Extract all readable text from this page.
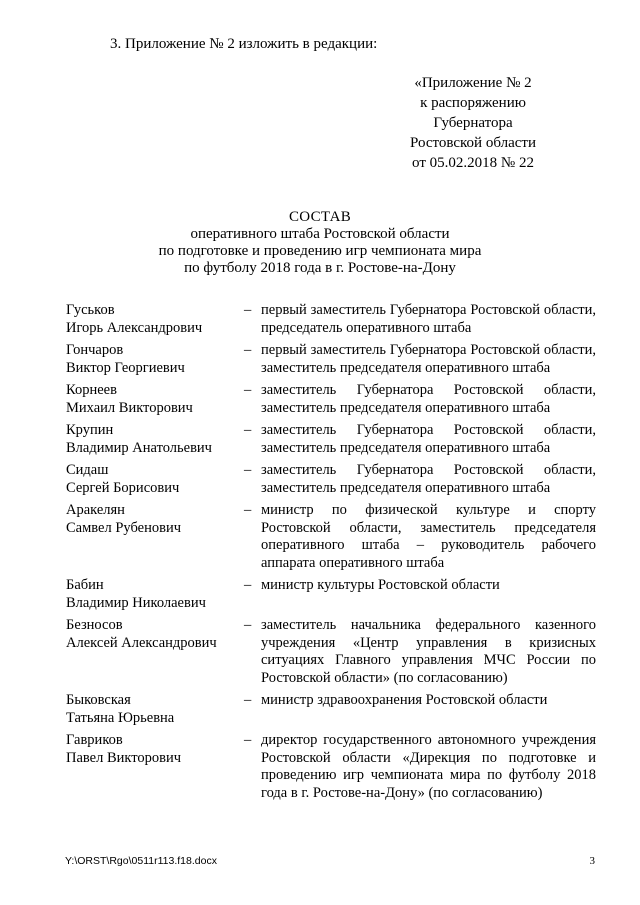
3. Приложение № 2 изложить в редакции:
«Приложение № 2
к распоряжению
Губернатора
Ростовской области
от 05.02.2018 № 22
СОСТАВ
оперативного штаба Ростовской области
по подготовке и проведению игр чемпионата мира
по футболу 2018 года в г. Ростове-на-Дону
Гуськов
Игорь Александрович
– первый заместитель Губернатора Ростовской области, председатель оперативного штаба
Гончаров
Виктор Георгиевич
– первый заместитель Губернатора Ростовской области, заместитель председателя оперативного штаба
Корнеев
Михаил Викторович
– заместитель Губернатора Ростовской области, заместитель председателя оперативного штаба
Крупин
Владимир Анатольевич
– заместитель Губернатора Ростовской области, заместитель председателя оперативного штаба
Сидаш
Сергей Борисович
– заместитель Губернатора Ростовской области, заместитель председателя оперативного штаба
Аракелян
Самвел Рубенович
– министр по физической культуре и спорту Ростовской области, заместитель председателя оперативного штаба – руководитель рабочего аппарата оперативного штаба
Бабин
Владимир Николаевич
– министр культуры Ростовской области
Безносов
Алексей Александрович
– заместитель начальника федерального казенного учреждения «Центр управления в кризисных ситуациях Главного управления МЧС России по Ростовской области» (по согласованию)
Быковская
Татьяна Юрьевна
– министр здравоохранения Ростовской области
Гавриков
Павел Викторович
– директор государственного автономного учреждения Ростовской области «Дирекция по подготовке и проведению игр чемпионата мира по футболу 2018 года в г. Ростове-на-Дону» (по согласованию)
Y:\ORST\Rgo\0511r113.f18.docx	3
